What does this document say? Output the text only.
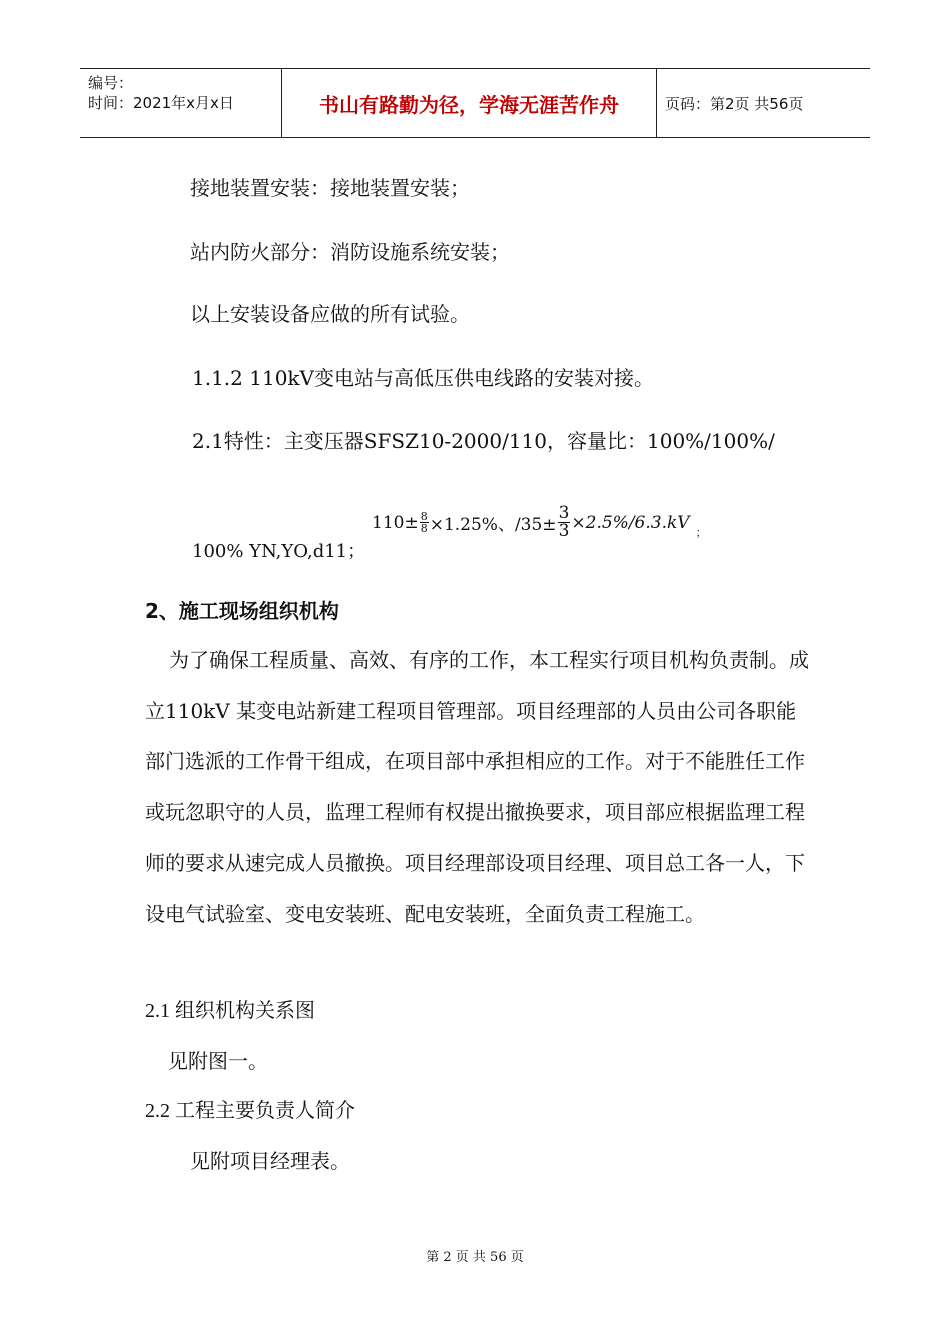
编号：
时间：2021年x月x日	书山有路勤为径，学海无涯苦作舟	页码：第2页 共56页
接地装置安装：接地装置安装；
站内防火部分：消防设施系统安装；
以上安装设备应做的所有试验。
1.1.2 110kV变电站与高低压供电线路的安装对接。
2.1特性：主变压器SFSZ10-2000/110，容量比：100%/100%/
100% YN,YO,d11；
$110\pm \frac{8}{8} \times 1.25\%$、$/35\pm \frac{3}{3} \times 2.5\%/6.3.kV$ ；
2、施工现场组织机构
为了确保工程质量、高效、有序的工作，本工程实行项目机构负责制。成立110kV 某变电站新建工程项目管理部。项目经理部的人员由公司各职能部门选派的工作骨干组成，在项目部中承担相应的工作。对于不能胜任工作或玩忽职守的人员，监理工程师有权提出撤换要求，项目部应根据监理工程师的要求从速完成人员撤换。项目经理部设项目经理、项目总工各一人，下设电气试验室、变电安装班、配电安装班，全面负责工程施工。
2.1 组织机构关系图
见附图一。
2.2 工程主要负责人简介
见附项目经理表。
第 2 页 共 56 页
